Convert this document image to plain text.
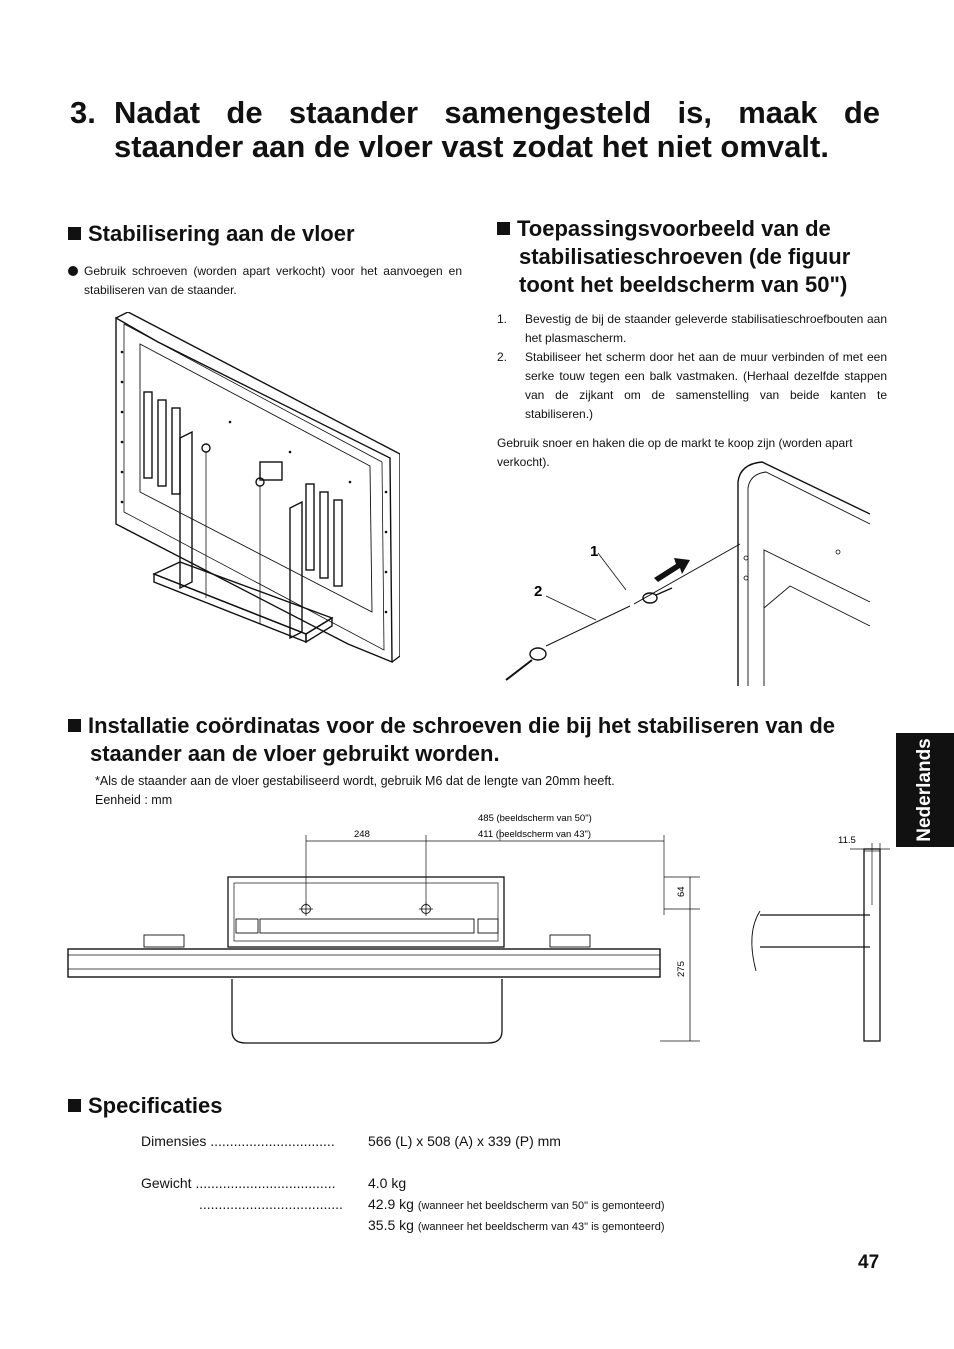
3. Nadat de staander samengesteld is, maak de staander aan de vloer vast zodat het niet omvalt.
Stabilisering aan de vloer
Gebruik schroeven (worden apart verkocht) voor het aanvoegen en stabiliseren van de staander.
Toepassingsvoorbeeld van de stabilisatieschroeven (de figuur toont het beeldscherm van 50")
1. Bevestig de bij de staander geleverde stabilisatieschroefbouten aan het plasmascherm.
2. Stabiliseer het scherm door het aan de muur verbinden of met een serke touw tegen een balk vastmaken. (Herhaal dezelfde stappen van de zijkant om de samenstelling van beide kanten te stabiliseren.)
Gebruik snoer en haken die op de markt te koop zijn (worden apart verkocht).
1
2
Installatie coördinatas voor de schroeven die bij het stabiliseren van de staander aan de vloer gebruikt worden.
*Als de staander aan de vloer gestabiliseerd wordt, gebruik M6 dat de lengte van 20mm heeft.
Eenheid : mm	Nederlands
248
485 (beeldscherm van 50")
411 (beeldscherm van 43")
64
275
11.5
Specificaties
Dimensies ................................ 566 (L) x 508 (A) x 339 (P) mm
Gewicht .................................... 4.0 kg
..................................... 42.9 kg (wanneer het beeldscherm van 50" is gemonteerd)
35.5 kg (wanneer het beeldscherm van 43" is gemonteerd)
47
